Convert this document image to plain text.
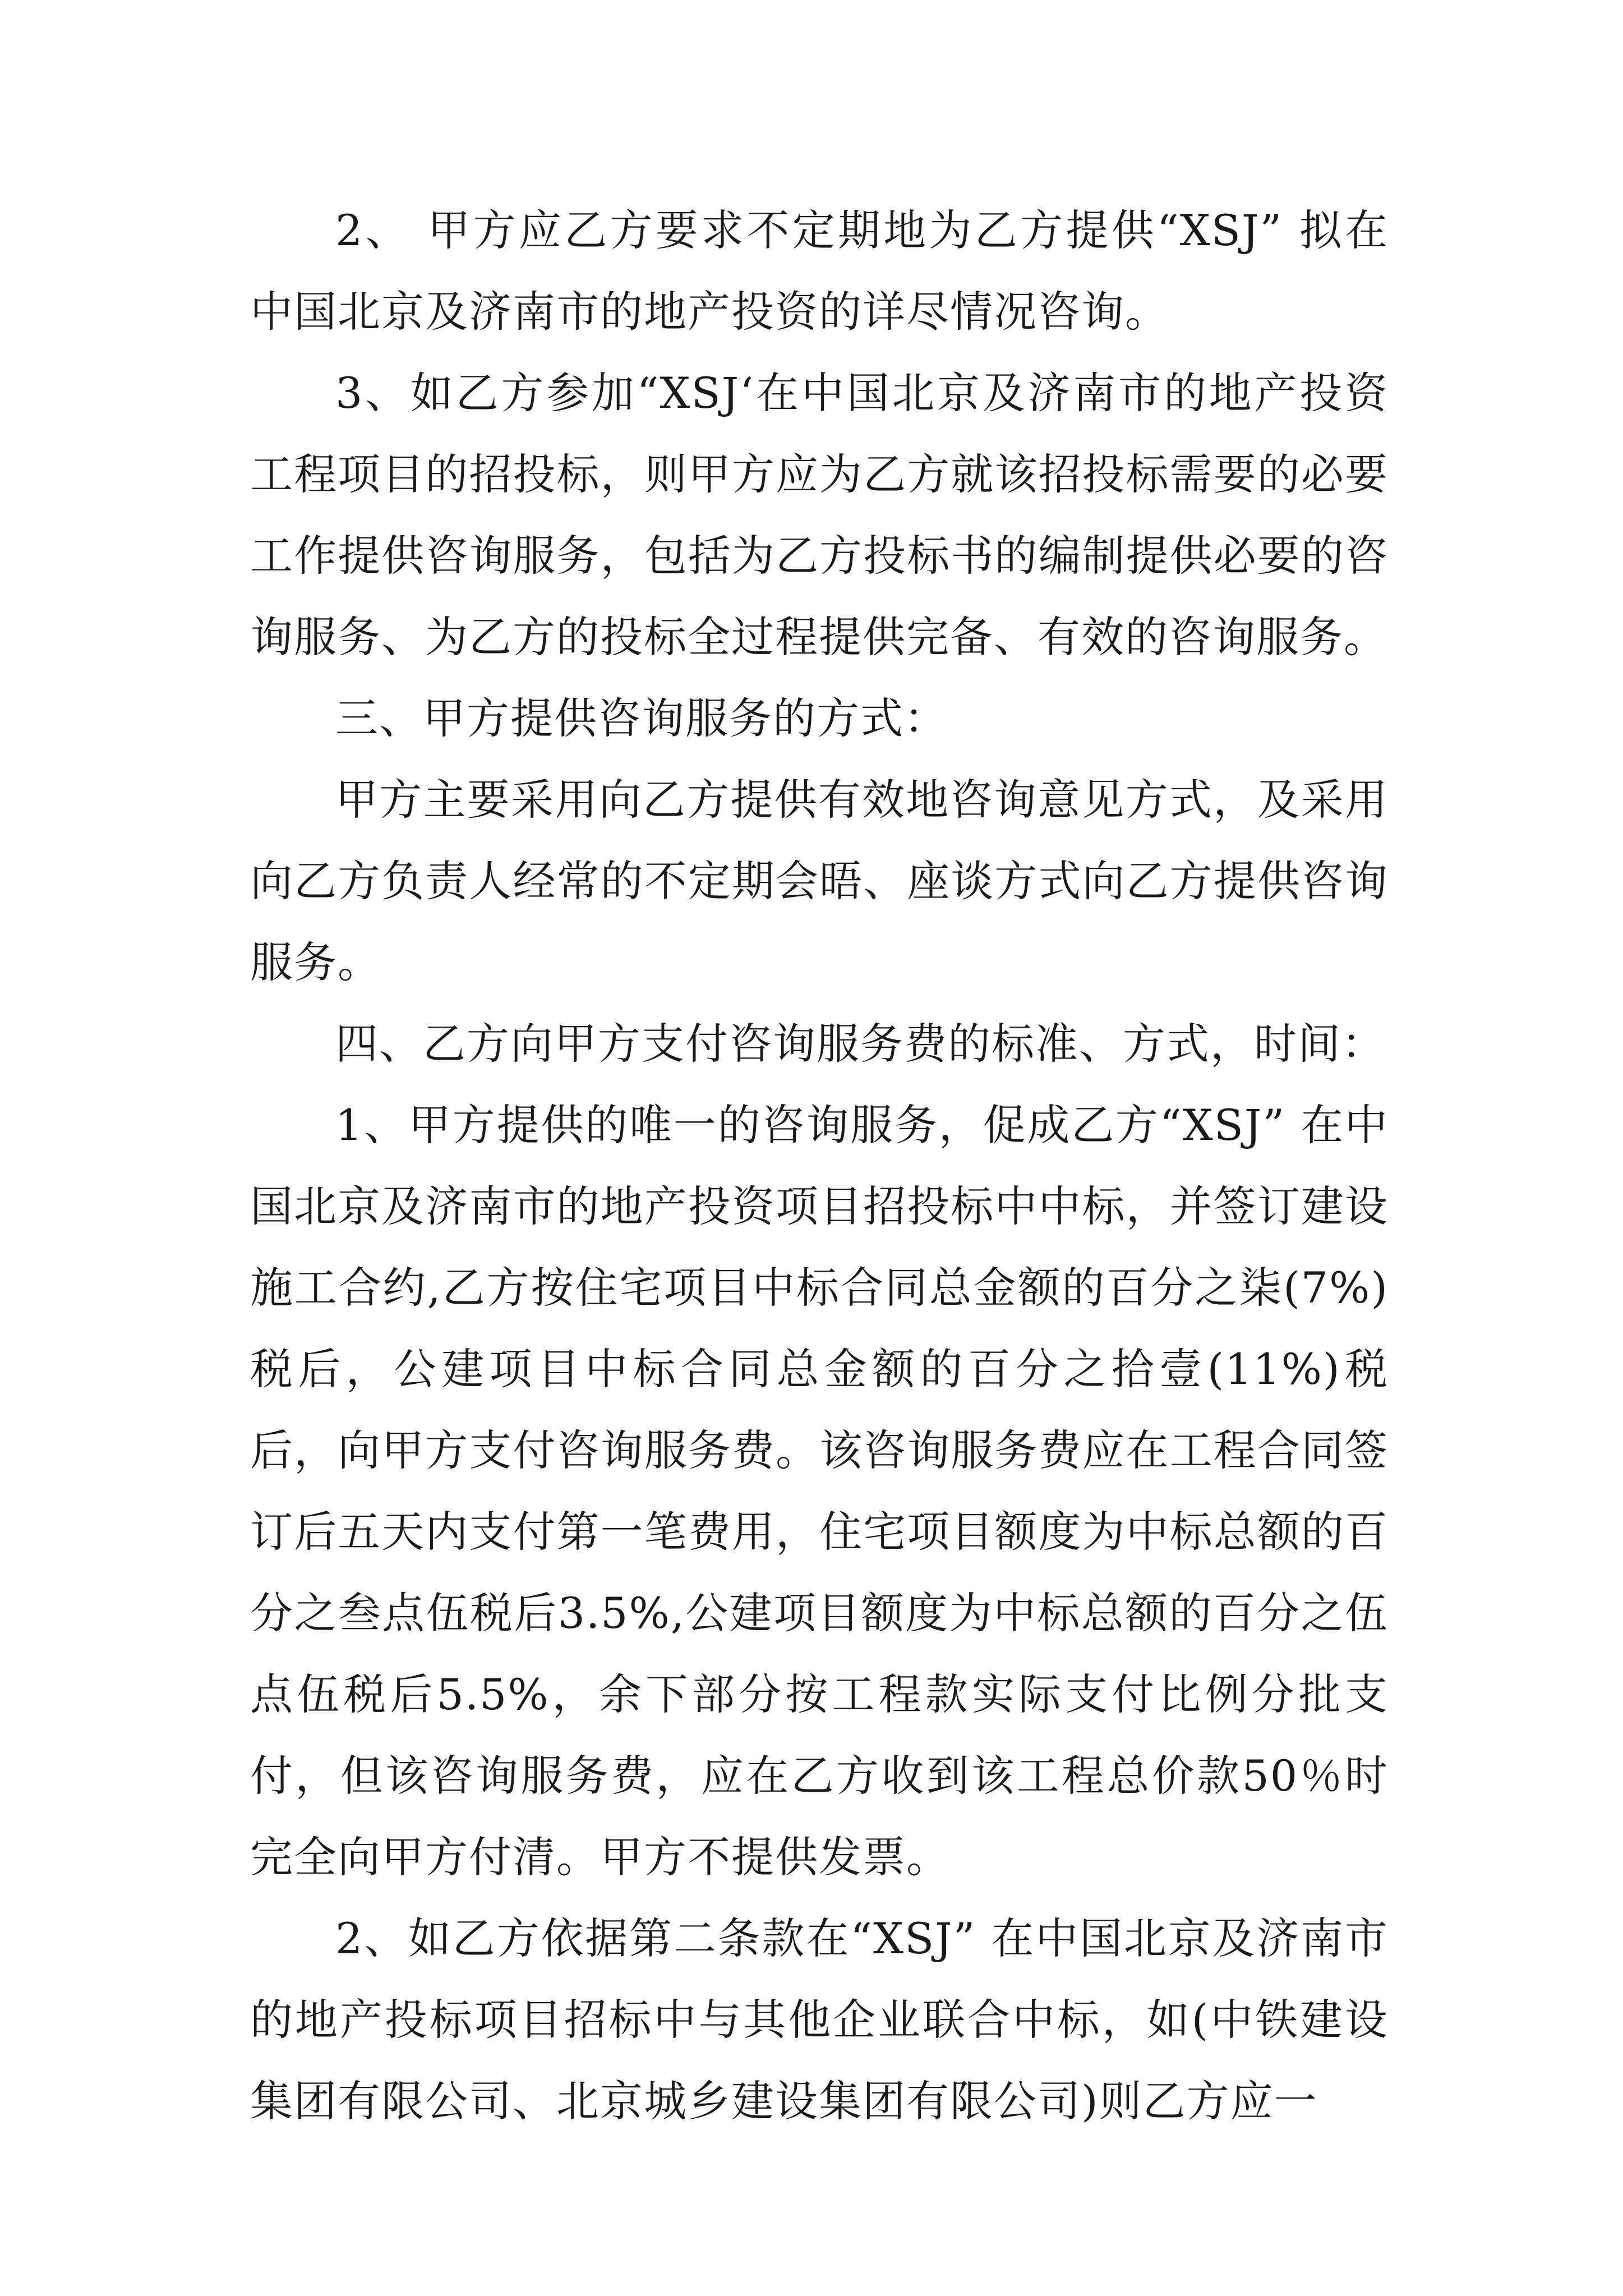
2、 甲方应乙方要求不定期地为乙方提供“XSJ” 拟在中国北京及济南市的地产投资的详尽情况咨询。

3、如乙方参加“XSJ‘在中国北京及济南市的地产投资工程项目的招投标，则甲方应为乙方就该招投标需要的必要工作提供咨询服务，包括为乙方投标书的编制提供必要的咨询服务、为乙方的投标全过程提供完备、有效的咨询服务。

三、甲方提供咨询服务的方式：

甲方主要采用向乙方提供有效地咨询意见方式，及采用向乙方负责人经常的不定期会晤、座谈方式向乙方提供咨询服务。

四、乙方向甲方支付咨询服务费的标准、方式，时间：

1、甲方提供的唯一的咨询服务，促成乙方“XSJ” 在中国北京及济南市的地产投资项目招投标中中标，并签订建设施工合约,乙方按住宅项目中标合同总金额的百分之柒(7%)税后，公建项目中标合同总金额的百分之拾壹(11%)税后，向甲方支付咨询服务费。该咨询服务费应在工程合同签订后五天内支付第一笔费用，住宅项目额度为中标总额的百分之叁点伍税后3.5%,公建项目额度为中标总额的百分之伍点伍税后5.5%，余下部分按工程款实际支付比例分批支付，但该咨询服务费，应在乙方收到该工程总价款50％时完全向甲方付清。甲方不提供发票。

2、如乙方依据第二条款在“XSJ” 在中国北京及济南市的地产投标项目招标中与其他企业联合中标，如(中铁建设集团有限公司、北京城乡建设集团有限公司)则乙方应一
